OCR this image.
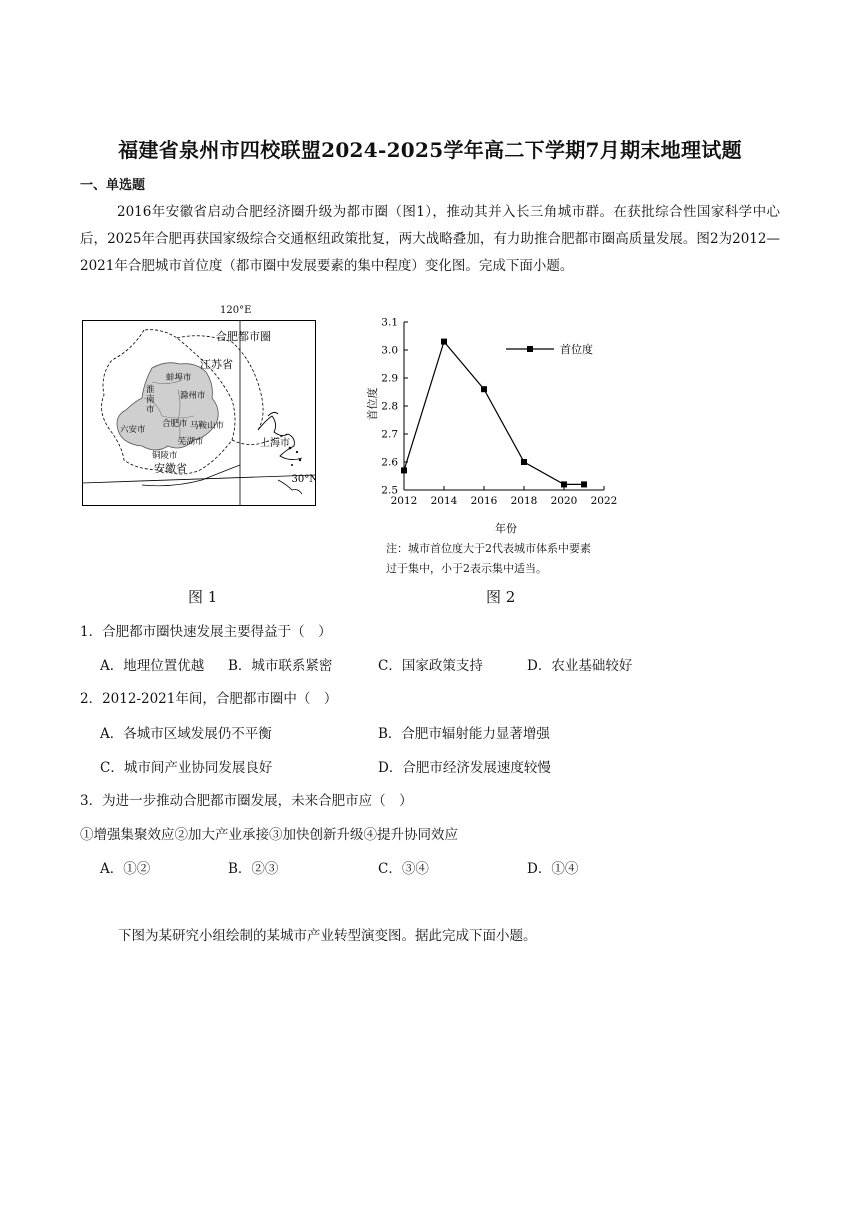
福建省泉州市四校联盟2024-2025学年高二下学期7月期末地理试题
一、单选题
2016年安徽省启动合肥经济圈升级为都市圈（图1），推动其并入长三角城市群。在获批综合性国家科学中心后，2025年合肥再获国家级综合交通枢纽政策批复，两大战略叠加，有力助推合肥都市圈高质量发展。图2为2012—2021年合肥城市首位度（都市圈中发展要素的集中程度）变化图。完成下面小题。
合肥都市圈
江苏省
安徽省
上海市
蚌埠市
淮
南
市
滁州市
六安市
合肥市 马鞍山市
芜湖市
铜陵市
30°N
120°E
2012 2014 2016 2018 2020 2022
2.5
2.6
2.7
2.8
2.9
3.0
3.1
首位度
首位度
年份
注：城市首位度大于2代表城市体系中要素
过于集中，小于2表示集中适当。
图 1	图 2
1．合肥都市圈快速发展主要得益于（　）
A．地理位置优越 B．城市联系紧密	C．国家政策支持	D．农业基础较好
2．2012-2021年间，合肥都市圈中（　）
A．各城市区域发展仍不平衡	B．合肥市辐射能力显著增强
C．城市间产业协同发展良好	D．合肥市经济发展速度较慢
3．为进一步推动合肥都市圈发展，未来合肥市应（　）
①增强集聚效应②加大产业承接③加快创新升级④提升协同效应
A．①②	B．②③	C．③④	D．①④
下图为某研究小组绘制的某城市产业转型演变图。据此完成下面小题。
